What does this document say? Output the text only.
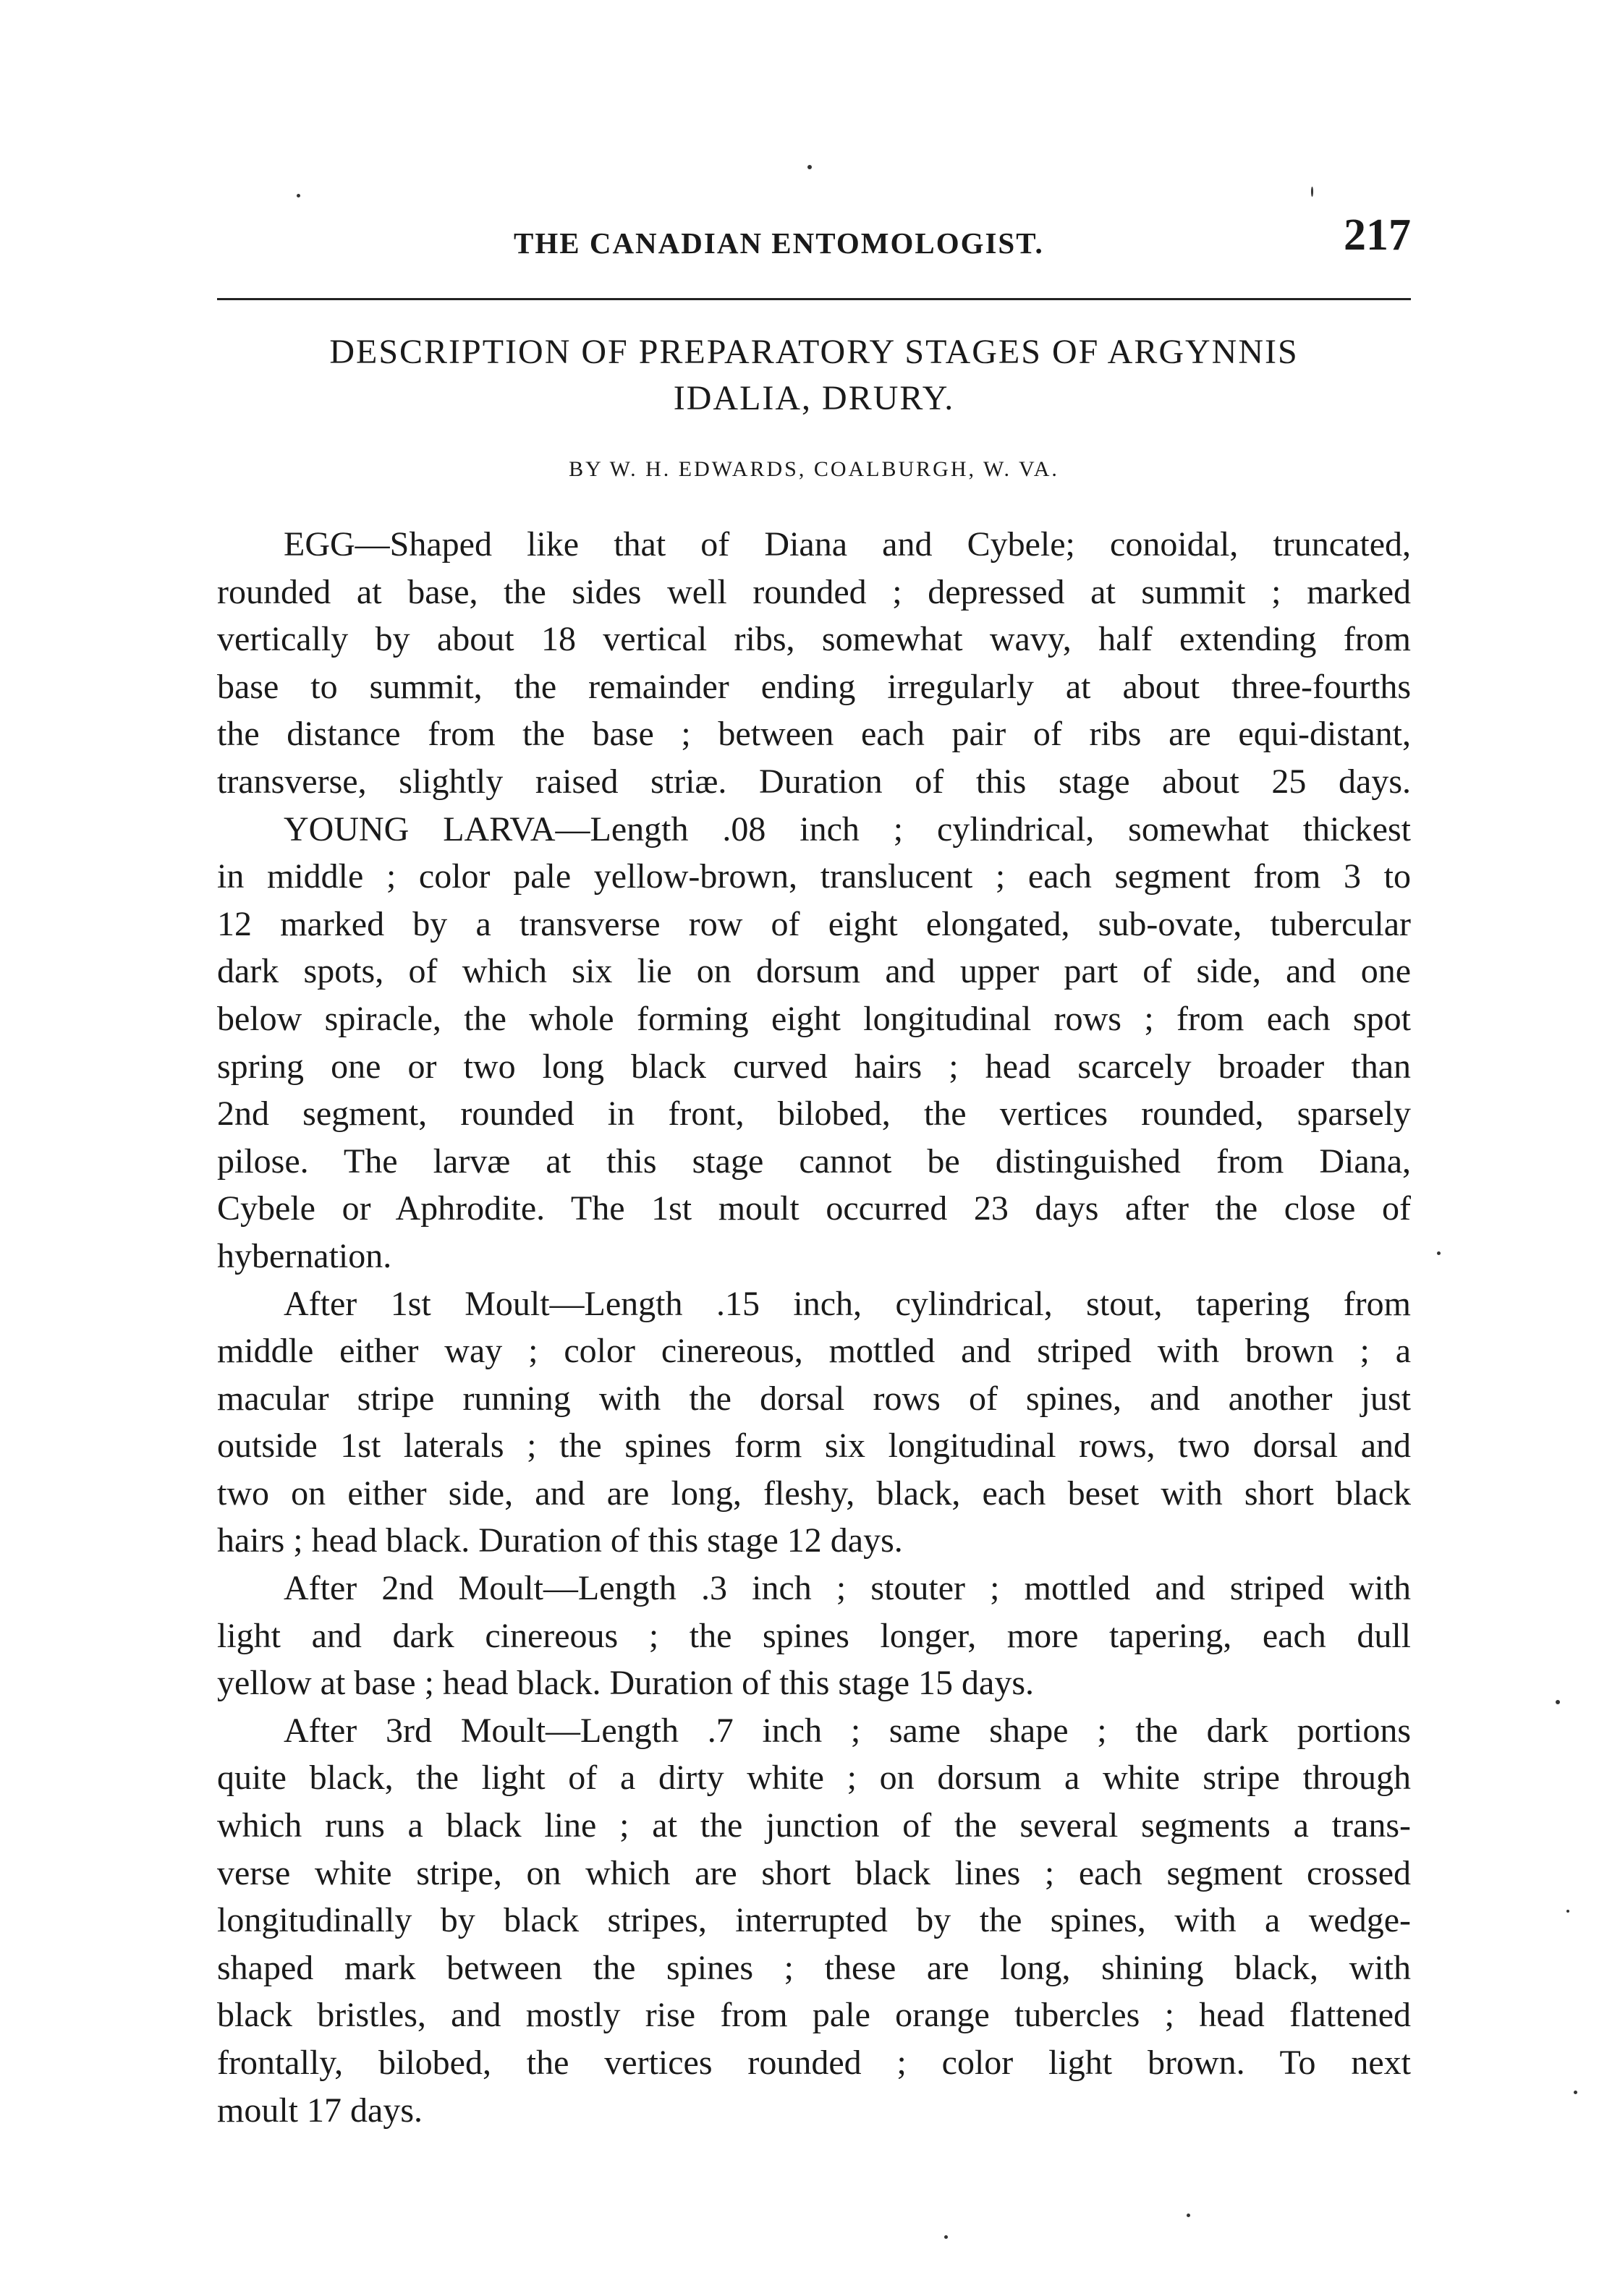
THE CANADIAN ENTOMOLOGIST.	217
DESCRIPTION OF PREPARATORY STAGES OF ARGYNNIS
IDALIA, DRURY.
BY W. H. EDWARDS, COALBURGH, W. VA.
EGG—Shaped like that of Diana and Cybele; conoidal, truncated,
rounded at base, the sides well rounded ; depressed at summit ; marked
vertically by about 18 vertical ribs, somewhat wavy, half extending from
base to summit, the remainder ending irregularly at about three-fourths
the distance from the base ; between each pair of ribs are equi-distant,
transverse, slightly raised striæ. Duration of this stage about 25 days.
YOUNG LARVA—Length .08 inch ; cylindrical, somewhat thickest
in middle ; color pale yellow-brown, translucent ; each segment from 3 to
12 marked by a transverse row of eight elongated, sub-ovate, tubercular
dark spots, of which six lie on dorsum and upper part of side, and one
below spiracle, the whole forming eight longitudinal rows ; from each spot
spring one or two long black curved hairs ; head scarcely broader than
2nd segment, rounded in front, bilobed, the vertices rounded, sparsely
pilose. The larvæ at this stage cannot be distinguished from Diana,
Cybele or Aphrodite. The 1st moult occurred 23 days after the close of
hybernation.
After 1st Moult—Length .15 inch, cylindrical, stout, tapering from
middle either way ; color cinereous, mottled and striped with brown ; a
macular stripe running with the dorsal rows of spines, and another just
outside 1st laterals ; the spines form six longitudinal rows, two dorsal and
two on either side, and are long, fleshy, black, each beset with short black
hairs ; head black. Duration of this stage 12 days.
After 2nd Moult—Length .3 inch ; stouter ; mottled and striped with
light and dark cinereous ; the spines longer, more tapering, each dull
yellow at base ; head black. Duration of this stage 15 days.
After 3rd Moult—Length .7 inch ; same shape ; the dark portions
quite black, the light of a dirty white ; on dorsum a white stripe through
which runs a black line ; at the junction of the several segments a trans-
verse white stripe, on which are short black lines ; each segment crossed
longitudinally by black stripes, interrupted by the spines, with a wedge-
shaped mark between the spines ; these are long, shining black, with
black bristles, and mostly rise from pale orange tubercles ; head flattened
frontally, bilobed, the vertices rounded ; color light brown. To next
moult 17 days.
